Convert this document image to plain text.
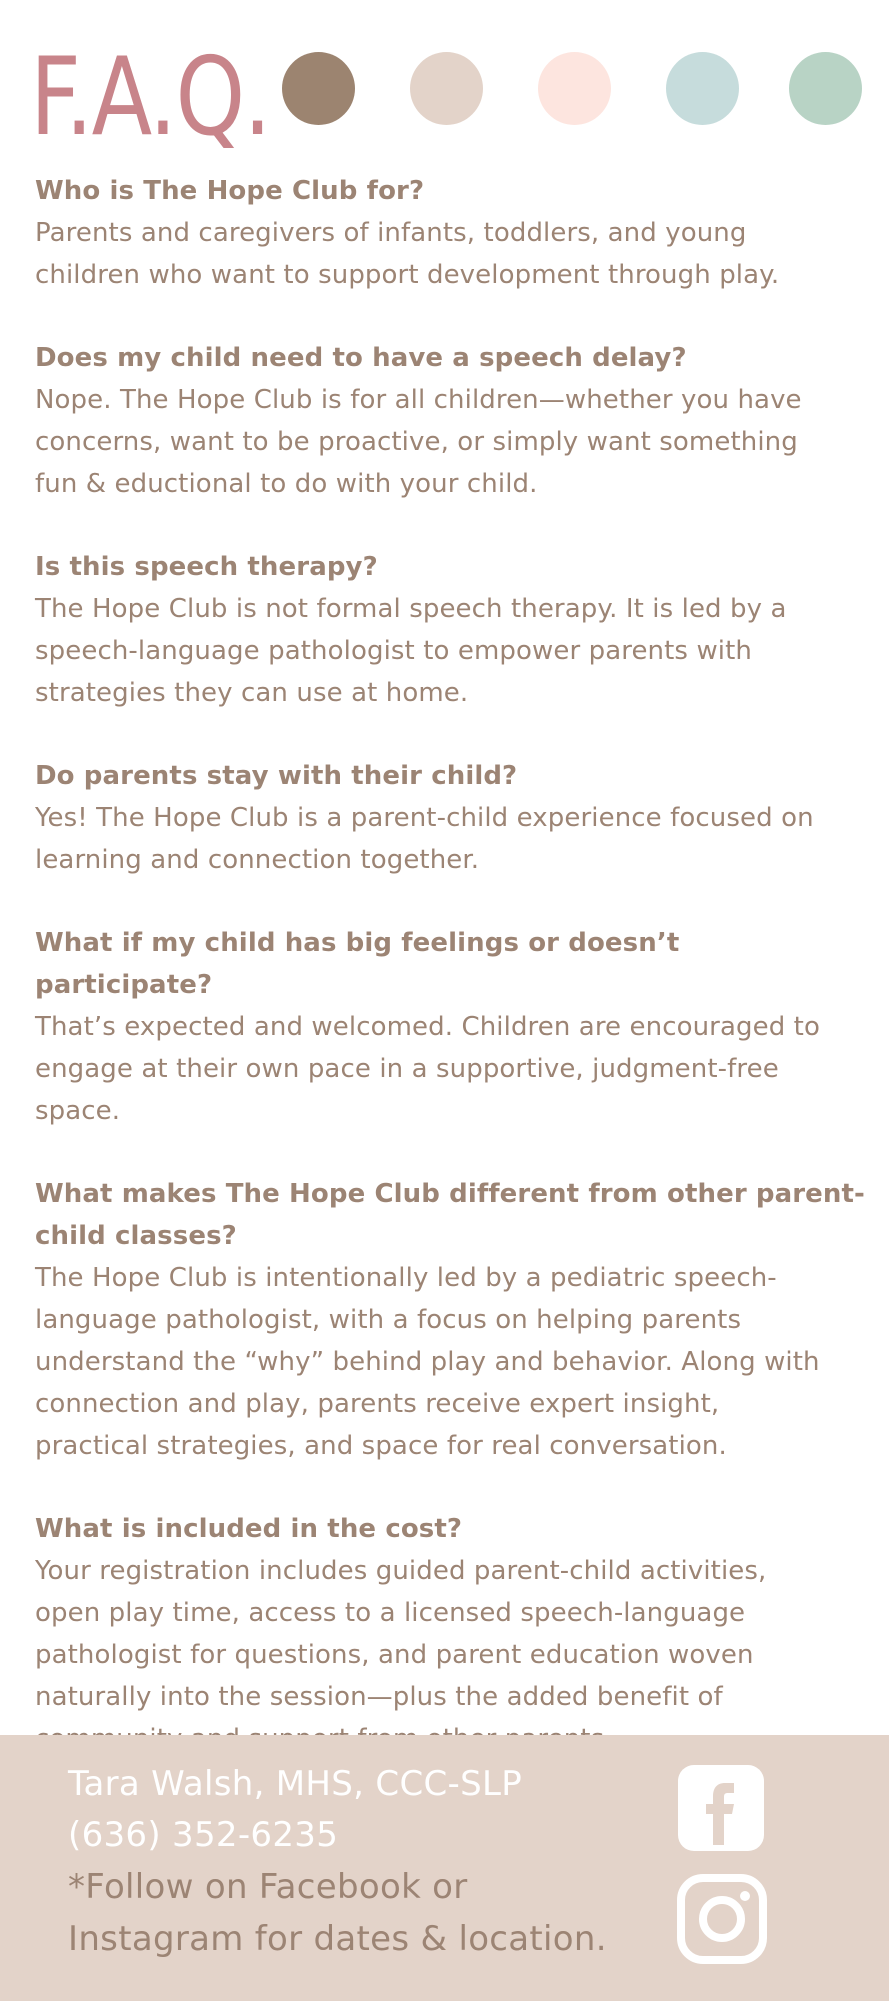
F.A.Q.

Who is The Hope Club for?

Parents and caregivers of infants, toddlers, and young
children who want to support development through play.

Does my child need to have a speech delay?

Nope. The Hope Club is for all children—whether you have
concerns, want to be proactive, or simply want something
fun & eductional to do with your child.

Is this speech therapy?

The Hope Club is not formal speech therapy. It is led by a
speech-language pathologist to empower parents with
strategies they can use at home.

Do parents stay with their child?

Yes! The Hope Club is a parent-child experience focused on
learning and connection together.

What if my child has big feelings or doesn’t participate?

That’s expected and welcomed. Children are encouraged to
engage at their own pace in a supportive, judgment-free
space.

What makes The Hope Club different from other parent-
child classes?

The Hope Club is intentionally led by a pediatric speech-
language pathologist, with a focus on helping parents
understand the “why” behind play and behavior. Along with
connection and play, parents receive expert insight,
practical strategies, and space for real conversation.

What is included in the cost?

Your registration includes guided parent-child activities,
open play time, access to a licensed speech-language
pathologist for questions, and parent education woven
naturally into the session—plus the added benefit of

Tara Walsh, MHS, CCC-SLP
(636) 352-6235
*Follow on Facebook or
Instagram for dates & location.
